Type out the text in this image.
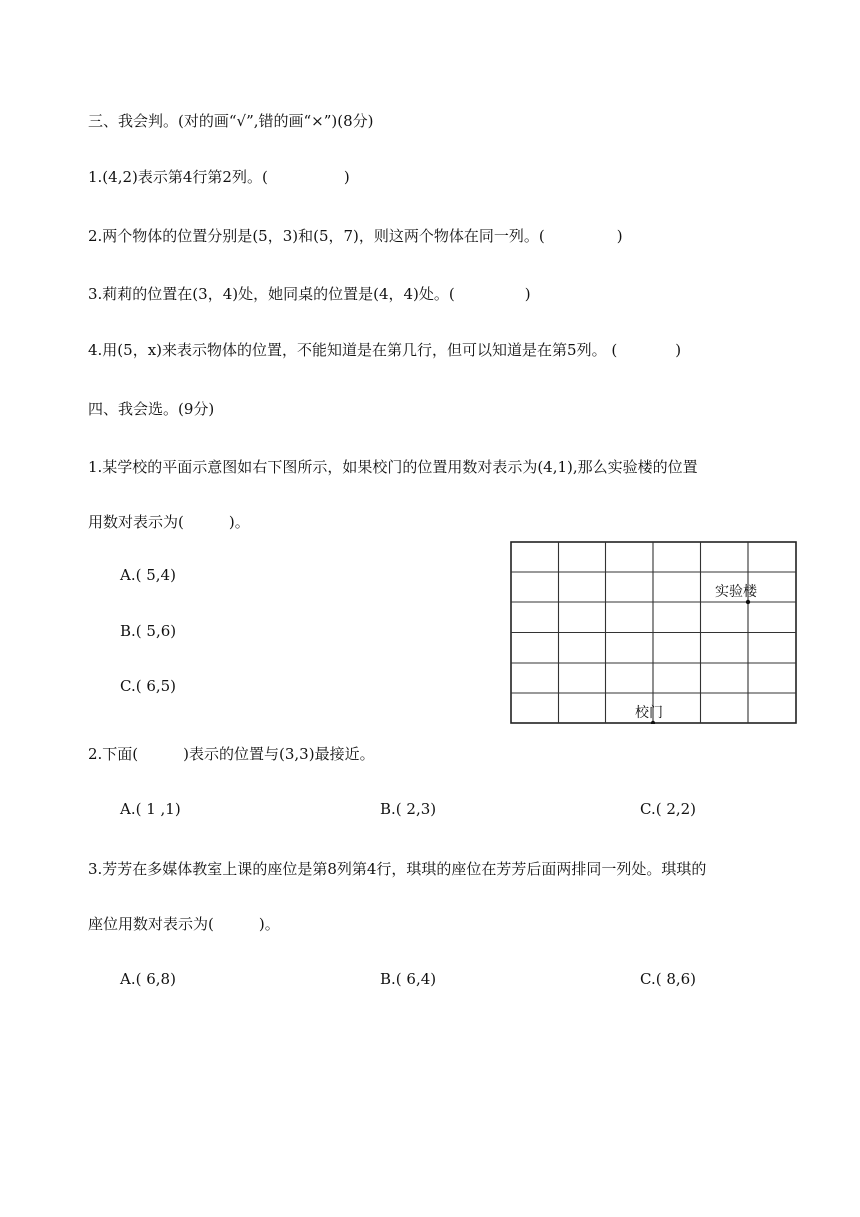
三、我会判。(对的画“√”,错的画“×”)(8分)
1.(4,2)表示第4行第2列。(	)
2.两个物体的位置分别是(5，3)和(5，7)，则这两个物体在同一列。(	)
3.莉莉的位置在(3，4)处，她同桌的位置是(4，4)处。(	)
4.用(5，x)来表示物体的位置，不能知道是在第几行，但可以知道是在第5列。 (	)
四、我会选。(9分)
1.某学校的平面示意图如右下图所示，如果校门的位置用数对表示为(4,1),那么实验楼的位置
用数对表示为(　　　)。
A.( 5,4)
B.( 5,6)
C.( 6,5)
实验楼
校门
2.下面(　　　)表示的位置与(3,3)最接近。
A.( 1 ,1)	B.( 2,3)	C.( 2,2)
3.芳芳在多媒体教室上课的座位是第8列第4行，琪琪的座位在芳芳后面两排同一列处。琪琪的
座位用数对表示为(　　　)。
A.( 6,8)	B.( 6,4)	C.( 8,6)
